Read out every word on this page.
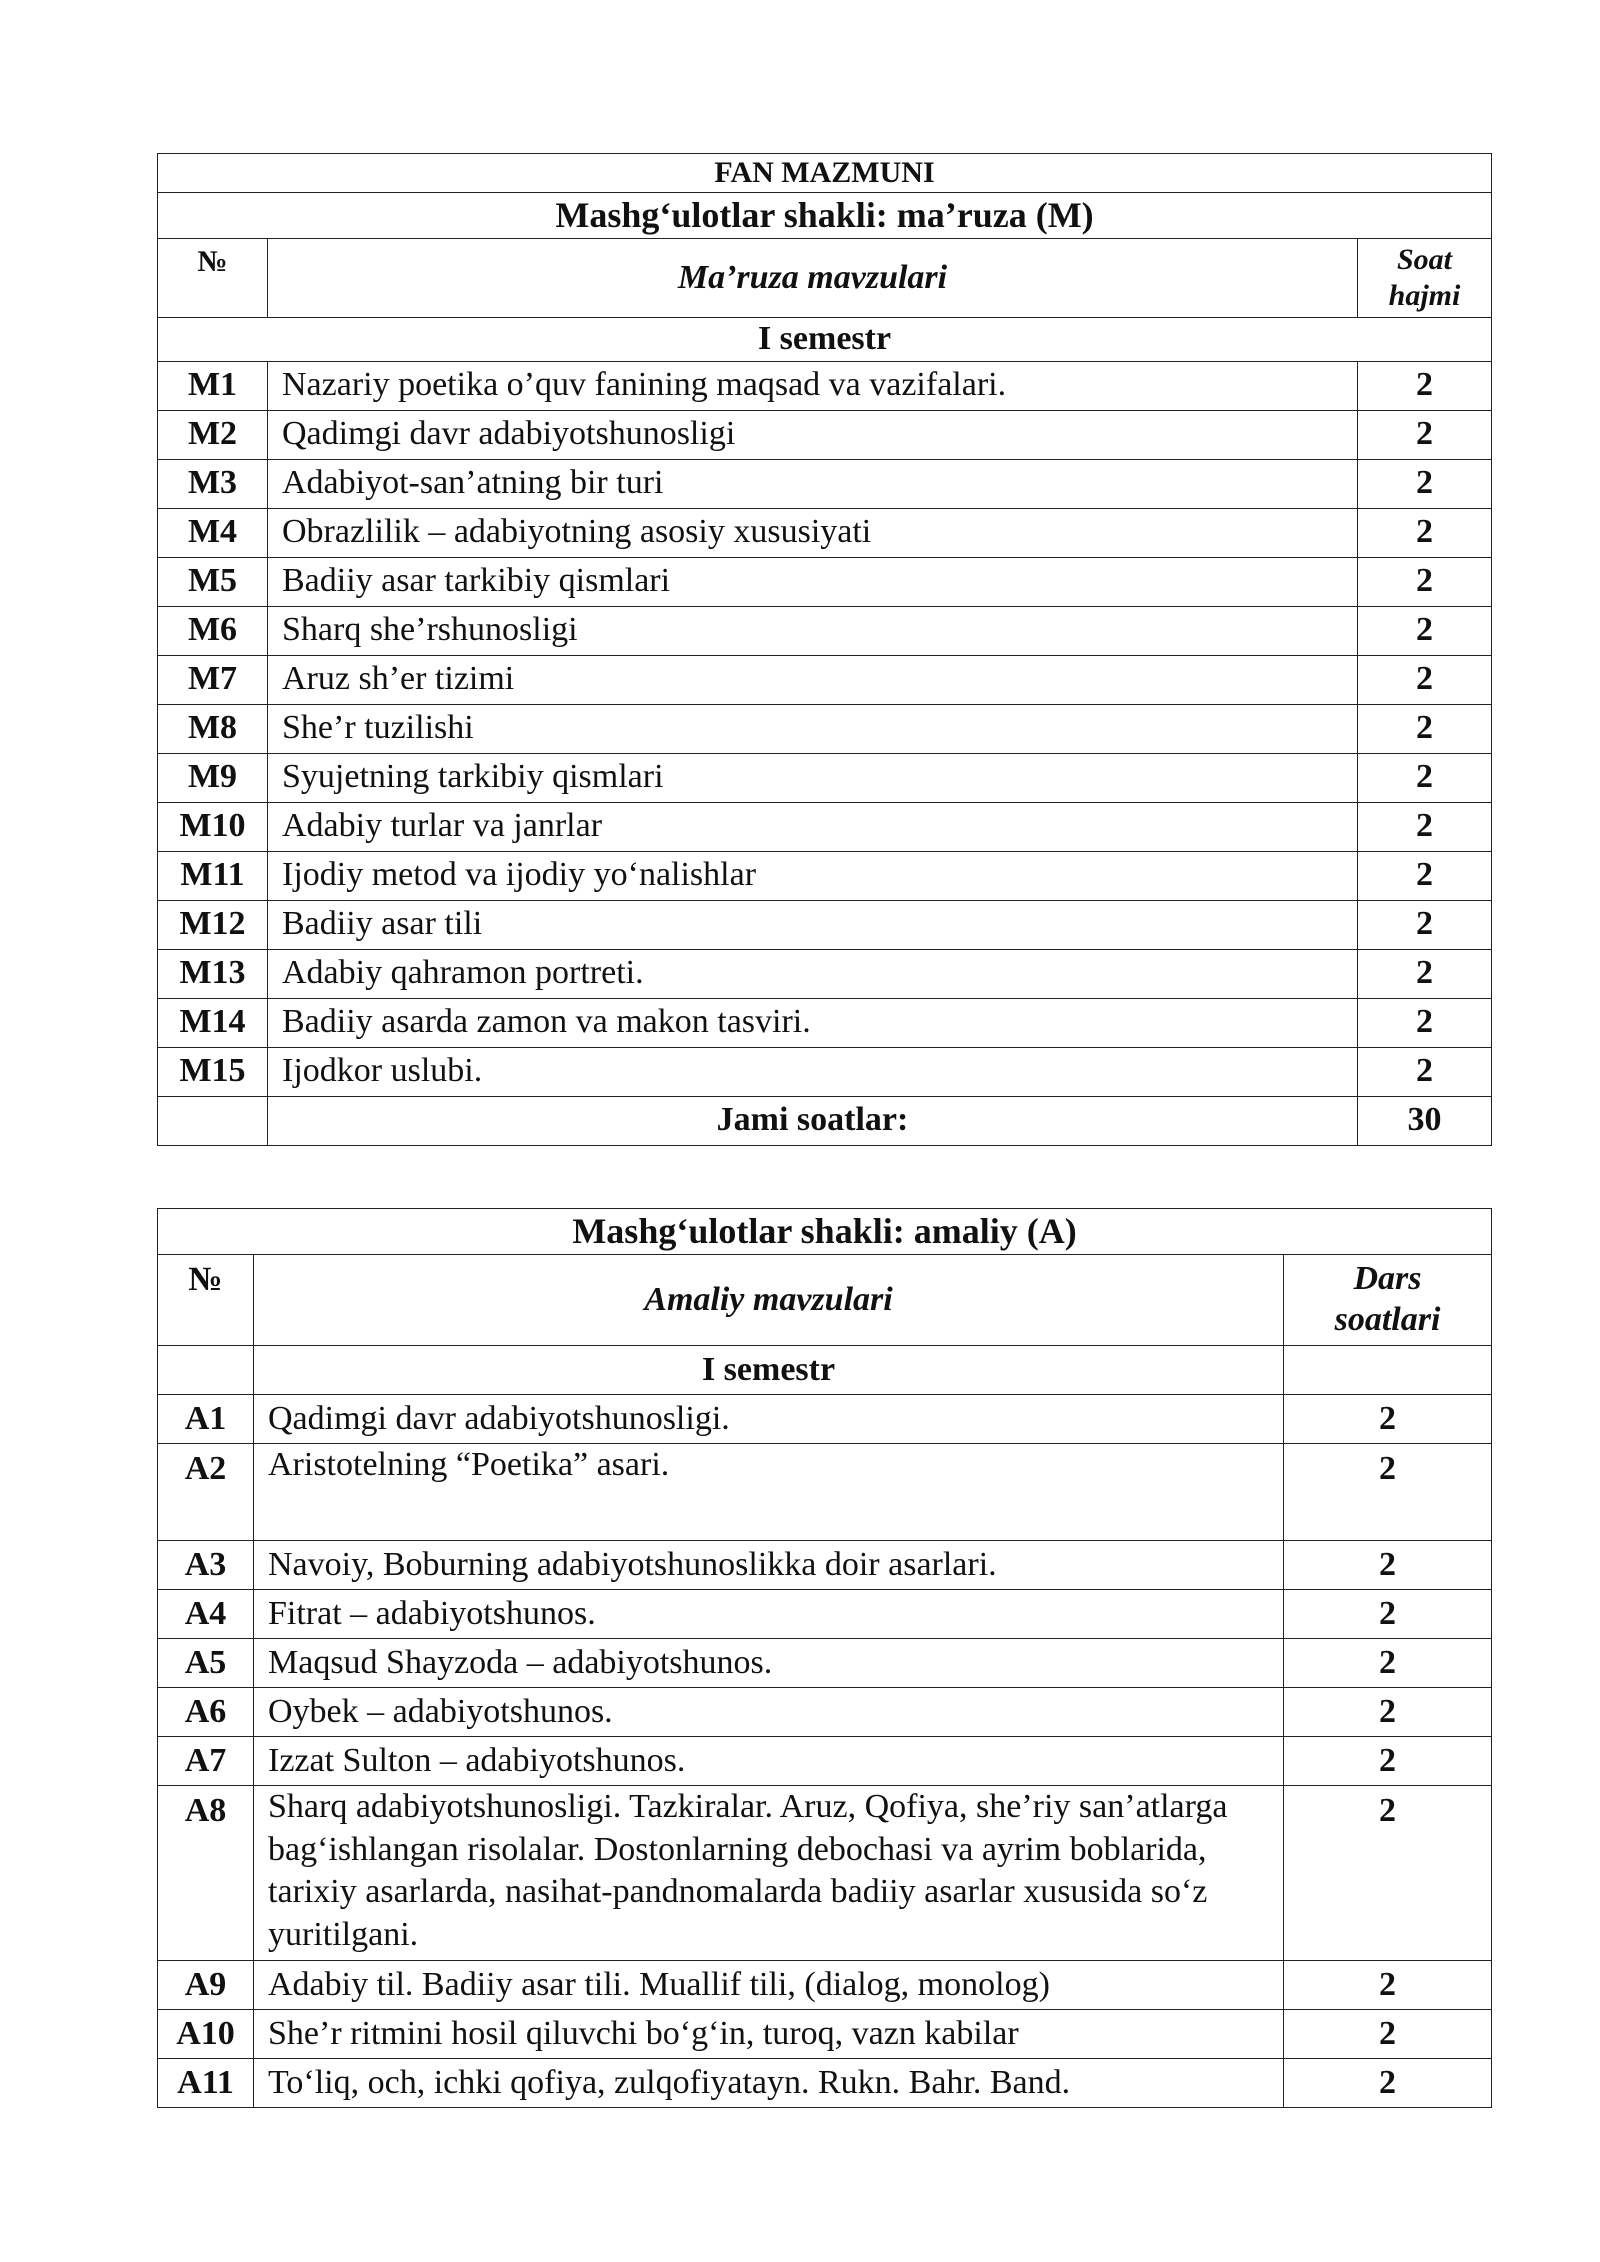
FAN MAZMUNI		
Mashg‘ulotlar shakli: ma’ruza (M)		
№	Ma’ruza mavzulari	Soat
hajmi

I semestr		
M1	Nazariy poetika o’quv fanining maqsad va vazifalari.	2
M2	Qadimgi davr adabiyotshunosligi	2
M3	Adabiyot-san’atning bir turi	2
M4	Obrazlilik – adabiyotning asosiy xususiyati	2
M5	Badiiy asar tarkibiy qismlari	2
M6	Sharq she’rshunosligi	2
M7	Aruz sh’er tizimi	2
M8	She’r tuzilishi	2
M9	Syujetning tarkibiy qismlari	2
M10	Adabiy turlar va janrlar	2
M11	Ijodiy metod va ijodiy yo‘nalishlar	2
M12	Badiiy asar tili	2
M13	Adabiy qahramon portreti.	2
M14	Badiiy asarda zamon va makon tasviri.	2
M15	Ijodkor uslubi.	2
	Jami soatlar:	30
Mashg‘ulotlar shakli: amaliy (A)		
№	Amaliy mavzulari	Dars
soatlari

	I semestr	
A1	Qadimgi davr adabiyotshunosligi.	2
A2	Aristotelning “Poetika” asari.	2
A3	Navoiy, Boburning adabiyotshunoslikka doir asarlari.	2
A4	Fitrat – adabiyotshunos.	2
A5	Maqsud Shayzoda – adabiyotshunos.	2
A6	Oybek – adabiyotshunos.	2
A7	Izzat Sulton – adabiyotshunos.	2
A8	Sharq adabiyotshunosligi. Tazkiralar. Aruz, Qofiya, she’riy san’atlarga bag‘ishlangan risolalar. Dostonlarning debochasi va ayrim boblarida, tarixiy asarlarda, nasihat-pandnomalarda badiiy asarlar xususida so‘z yuritilgani.	2
A9	Adabiy til. Badiiy asar tili. Muallif tili, (dialog, monolog)	2
A10	She’r ritmini hosil qiluvchi bo‘g‘in, turoq, vazn kabilar	2
A11	To‘liq, och, ichki qofiya, zulqofiyatayn. Rukn. Bahr. Band.	2
